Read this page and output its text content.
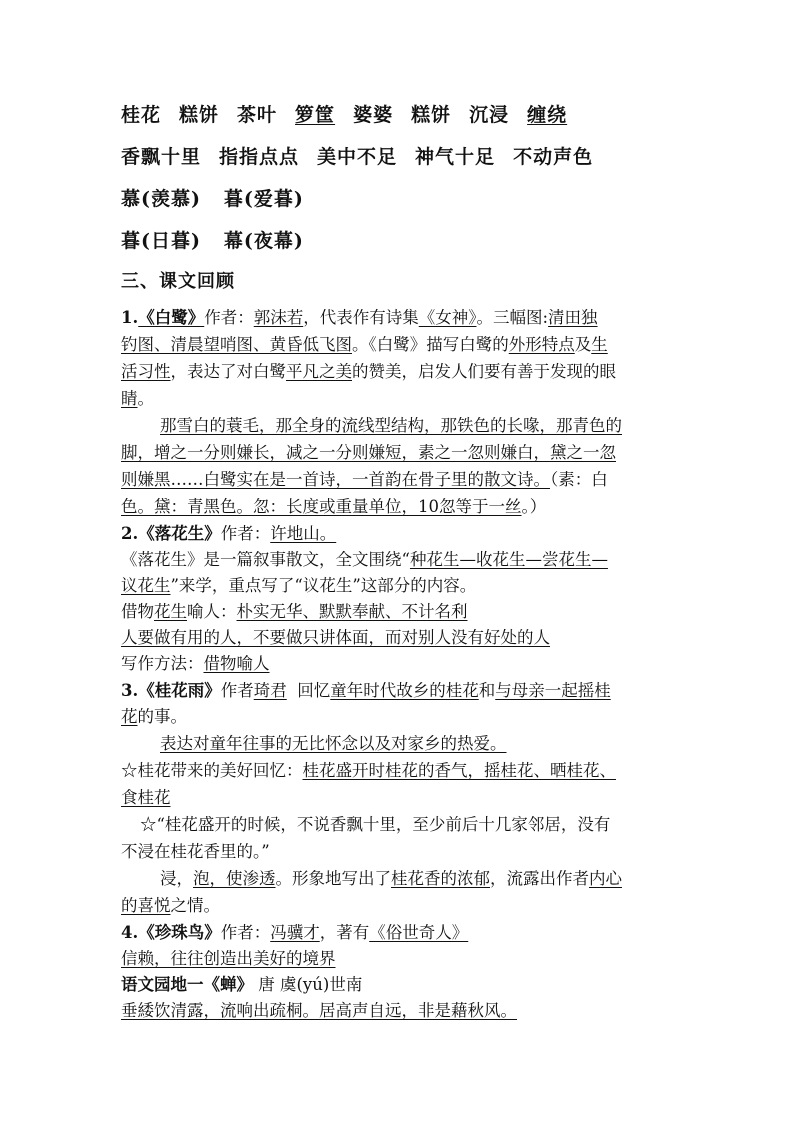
桂花 糕饼 茶叶 箩筐 婆婆 糕饼 沉浸 缠绕
香飘十里 指指点点 美中不足 神气十足 不动声色
慕(羡慕)   暮(爱暮)
暮(日暮)   幕(夜幕)
三、课文回顾
1.《白鹭》作者：郭沫若，代表作有诗集《女神》。三幅图:清田独
钓图、清晨望哨图、黄昏低飞图。《白鹭》描写白鹭的外形特点及生
活习性，表达了对白鹭平凡之美的赞美，启发人们要有善于发现的眼
睛。
那雪白的蓑毛，那全身的流线型结构，那铁色的长喙，那青色的
脚，增之一分则嫌长，减之一分则嫌短，素之一忽则嫌白，黛之一忽
则嫌黑……白鹭实在是一首诗，一首韵在骨子里的散文诗。（素：白
色。黛：青黑色。忽：长度或重量单位，10忽等于一丝。）
2.《落花生》作者：许地山。
《落花生》是一篇叙事散文，全文围绕“种花生—收花生—尝花生—
议花生”来学，重点写了“议花生”这部分的内容。
借物花生喻人：朴实无华、默默奉献、不计名利
人要做有用的人，不要做只讲体面，而对别人没有好处的人
写作方法：借物喻人
3.《桂花雨》作者琦君  回忆童年时代故乡的桂花和与母亲一起摇桂
花的事。
表达对童年往事的无比怀念以及对家乡的热爱。
☆桂花带来的美好回忆：桂花盛开时桂花的香气，摇桂花、晒桂花、
食桂花
☆“桂花盛开的时候，不说香飘十里，至少前后十几家邻居，没有
不浸在桂花香里的。”
浸，泡，使渗透。形象地写出了桂花香的浓郁，流露出作者内心
的喜悦之情。
4.《珍珠鸟》作者：冯骥才，著有《俗世奇人》
信赖，往往创造出美好的境界
语文园地一《蝉》 唐 虞(yú)世南
垂緌饮清露，流响出疏桐。居高声自远，非是藉秋风。
